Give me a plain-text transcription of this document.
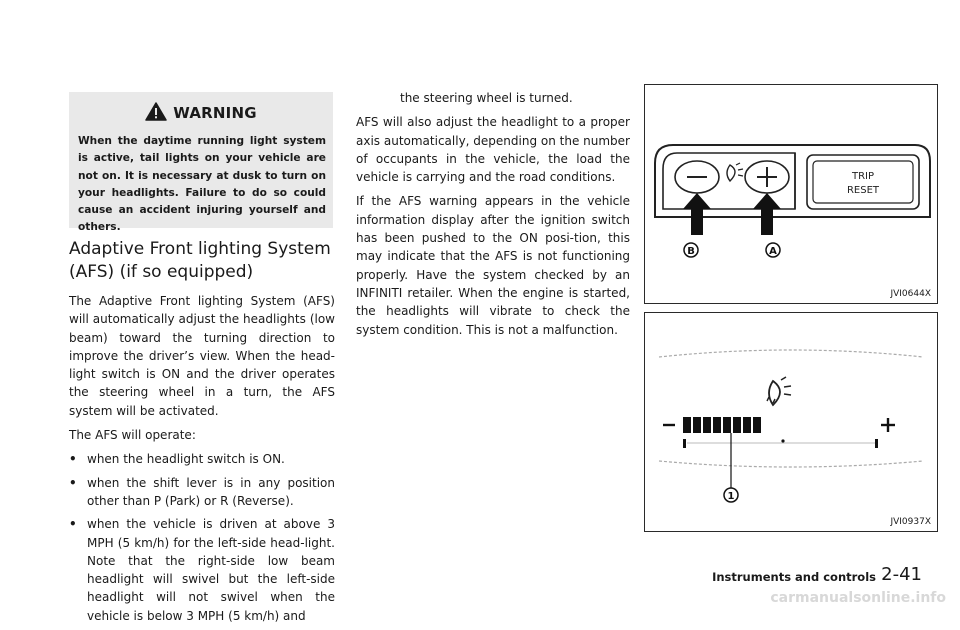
WARNING
When the daytime running light system is active, tail lights on your vehicle are not on. It is necessary at dusk to turn on your headlights. Failure to do so could cause an accident injuring yourself and others.
Adaptive Front lighting System
(AFS) (if so equipped)

The Adaptive Front lighting System (AFS) will automatically adjust the headlights (low beam) toward the turning direction to improve the driver’s view. When the head-light switch is ON and the driver operates the steering wheel in a turn, the AFS system will be activated.

The AFS will operate:

• when the headlight switch is ON.
• when the shift lever is in any position other than P (Park) or R (Reverse).
• when the vehicle is driven at above 3 MPH (5 km/h) for the left-side head-light. Note that the right-side low beam headlight will swivel but the left-side headlight will not swivel when the vehicle is below 3 MPH (5 km/h) and

the steering wheel is turned.

AFS will also adjust the headlight to a proper axis automatically, depending on the number of occupants in the vehicle, the load the vehicle is carrying and the road conditions.

If the AFS warning appears in the vehicle information display after the ignition switch has been pushed to the ON posi-tion, this may indicate that the AFS is not functioning properly. Have the system checked by an INFINITI retailer. When the engine is started, the headlights will vibrate to check the system condition. This is not a malfunction.

TRIP
RESET
B	A
JVI0644X
1
JVI0937X
Instruments and controls 2-41
carmanualsonline.info
